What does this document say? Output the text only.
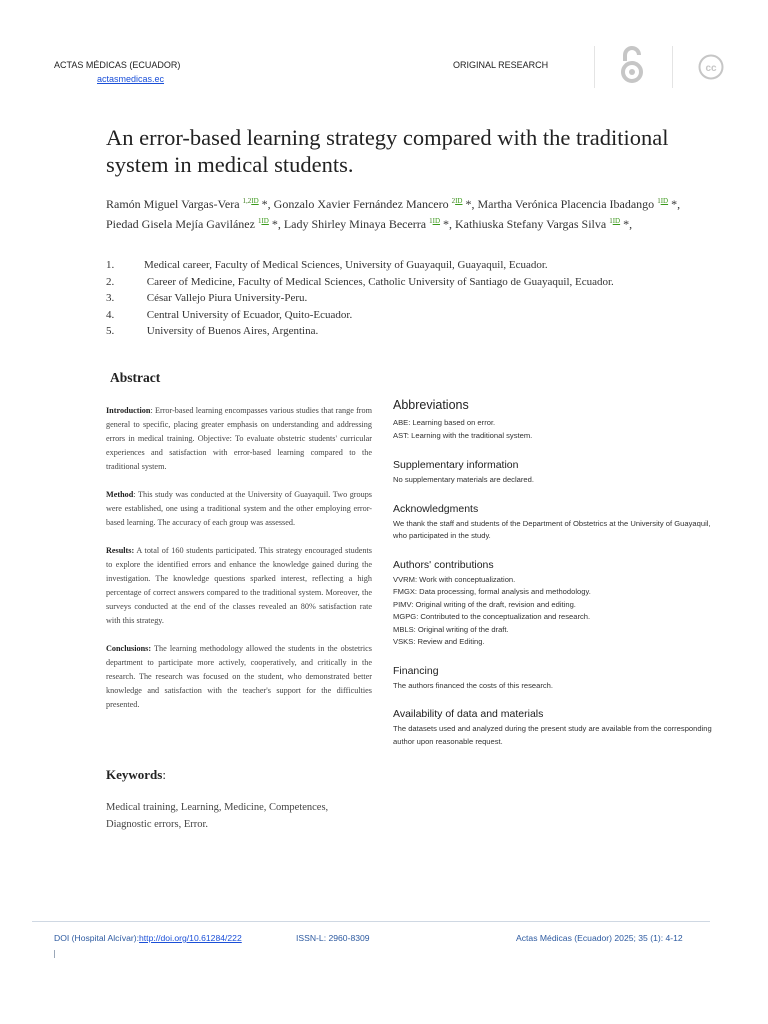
ACTAS MÉDICAS (ECUADOR)
actasmedicas.ec
ORIGINAL RESEARCH	cc
An error-based learning strategy compared with the traditional system in medical students.
Ramón Miguel Vargas-Vera $^{1,2ID}$ *, Gonzalo Xavier Fernández Mancero $^{2ID}$ *, Martha Verónica Placencia Ibadango $^{1ID}$ *, Piedad Gisela Mejía Gavilánez $^{1ID}$ *, Lady Shirley Minaya Becerra $^{1ID}$ *, Kathiuska Stefany Vargas Silva $^{1ID}$ *,
1.	Medical career, Faculty of Medical Sciences, University of Guayaquil, Guayaquil, Ecuador.
2.	Career of Medicine, Faculty of Medical Sciences, Catholic University of Santiago de Guayaquil, Ecuador.
3.	César Vallejo Piura University-Peru.
4.	Central University of Ecuador, Quito-Ecuador.
5.	University of Buenos Aires, Argentina.
Abstract

Introduction: Error-based learning encompasses various studies that range from general to specific, placing greater emphasis on understanding and addressing errors in medical training. Objective: To evaluate obstetric students' curricular experiences and satisfaction with error-based learning compared to the traditional system.

Method: This study was conducted at the University of Guayaquil. Two groups were established, one using a traditional system and the other employing error-based learning. The accuracy of each group was assessed.

Results: A total of 160 students participated. This strategy encouraged students to explore the identified errors and enhance the knowledge gained during the investigation. The knowledge questions sparked interest, reflecting a high percentage of correct answers compared to the traditional system. Moreover, the surveys conducted at the end of the classes revealed an 80% satisfaction rate with this strategy.

Conclusions: The learning methodology allowed the students in the obstetrics department to participate more actively, cooperatively, and critically in the research. The research was focused on the student, who demonstrated better knowledge and satisfaction with the teacher's support for the difficulties presented.

Keywords:
Medical training, Learning, Medicine, Competences, Diagnostic errors, Error.
Abbreviations

ABE: Learning based on error.

AST: Learning with the traditional system.

Supplementary information

No supplementary materials are declared.

Acknowledgments

We thank the staff and students of the Department of Obstetrics at the University of Guayaquil, who participated in the study.

Authors' contributions

VVRM: Work with conceptualization.

FMGX: Data processing, formal analysis and methodology.

PIMV: Original writing of the draft, revision and editing.

MGPG: Contributed to the conceptualization and research.

MBLS: Original writing of the draft.

VSKS: Review and Editing.

Financing

The authors financed the costs of this research.

Availability of data and materials

The datasets used and analyzed during the present study are available from the corresponding author upon reasonable request.

DOI (Hospital Alcívar):http://doi.org/10.61284/222	ISSN-L: 2960-8309	Actas Médicas (Ecuador) 2025; 35 (1): 4-12
